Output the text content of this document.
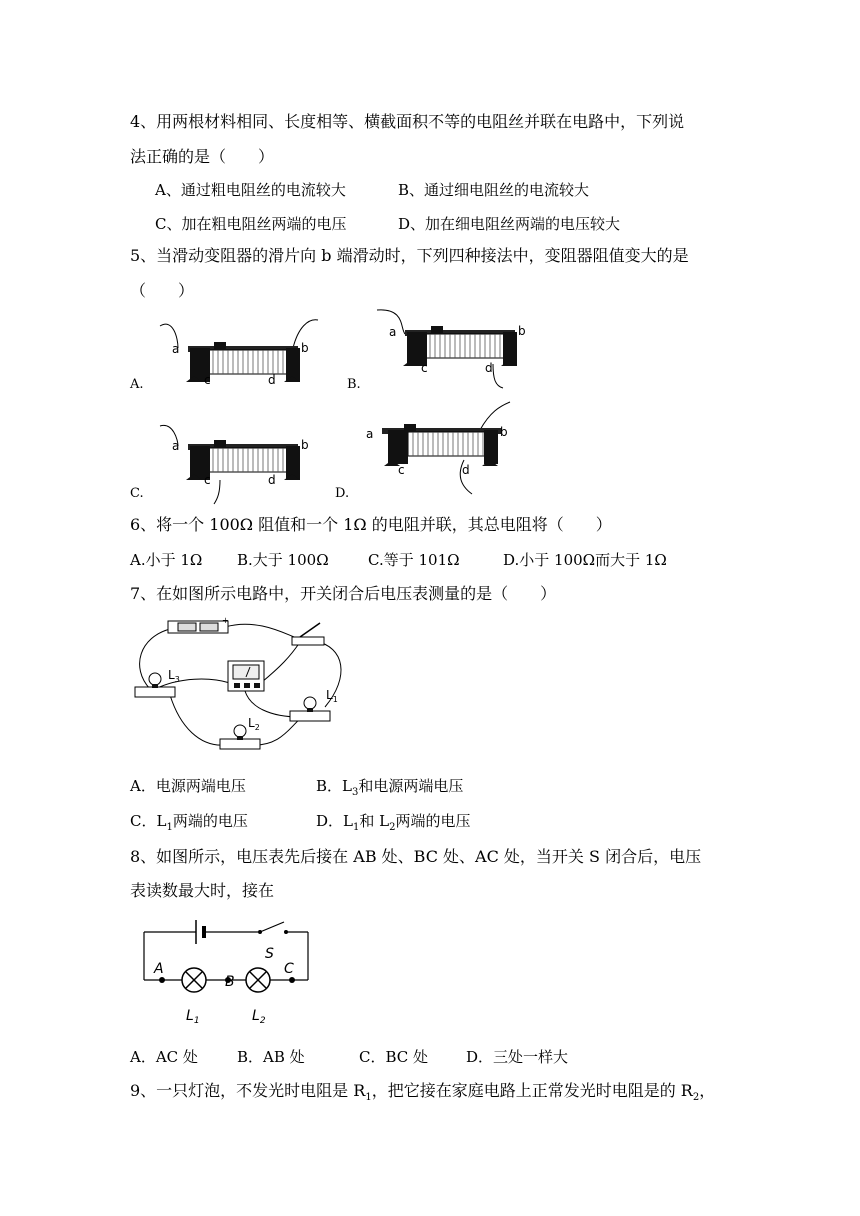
4、用两根材料相同、长度相等、横截面积不等的电阻丝并联在电路中，下列说
法正确的是（　　）
A、通过粗电阻丝的电流较大	B、通过细电阻丝的电流较大
C、加在粗电阻丝两端的电压	D、加在细电阻丝两端的电压较大
5、当滑动变阻器的滑片向 b 端滑动时，下列四种接法中，变阻器阻值变大的是
（　　）
A.	B.
C.	D.
a	b
c	d
a	b
c	d
a	b
c	d
a	b
c	d
6、将一个 100Ω 阻值和一个 1Ω 的电阻并联，其总电阻将（　　）
A.小于 1Ω B.大于 100Ω	C.等于 101Ω	D.小于 100Ω而大于 1Ω
7、在如图所示电路中，开关闭合后电压表测量的是（　　）
+
$L_3$
$L_1$
$L_2$
A．电源两端电压	B．$L_3$和电源两端电压
C．$L_1$两端的电压	D．$L_1$和 $L_2$两端的电压
8、如图所示，电压表先后接在 AB 处、BC 处、AC 处，当开关 S 闭合后，电压
表读数最大时，接在
A
B
C
S
$L_1$	$L_2$
A．AC 处	B．AB 处	C．BC 处	D．三处一样大
9、一只灯泡，不发光时电阻是 $R_1$，把它接在家庭电路上正常发光时电阻是的 $R_2$，
